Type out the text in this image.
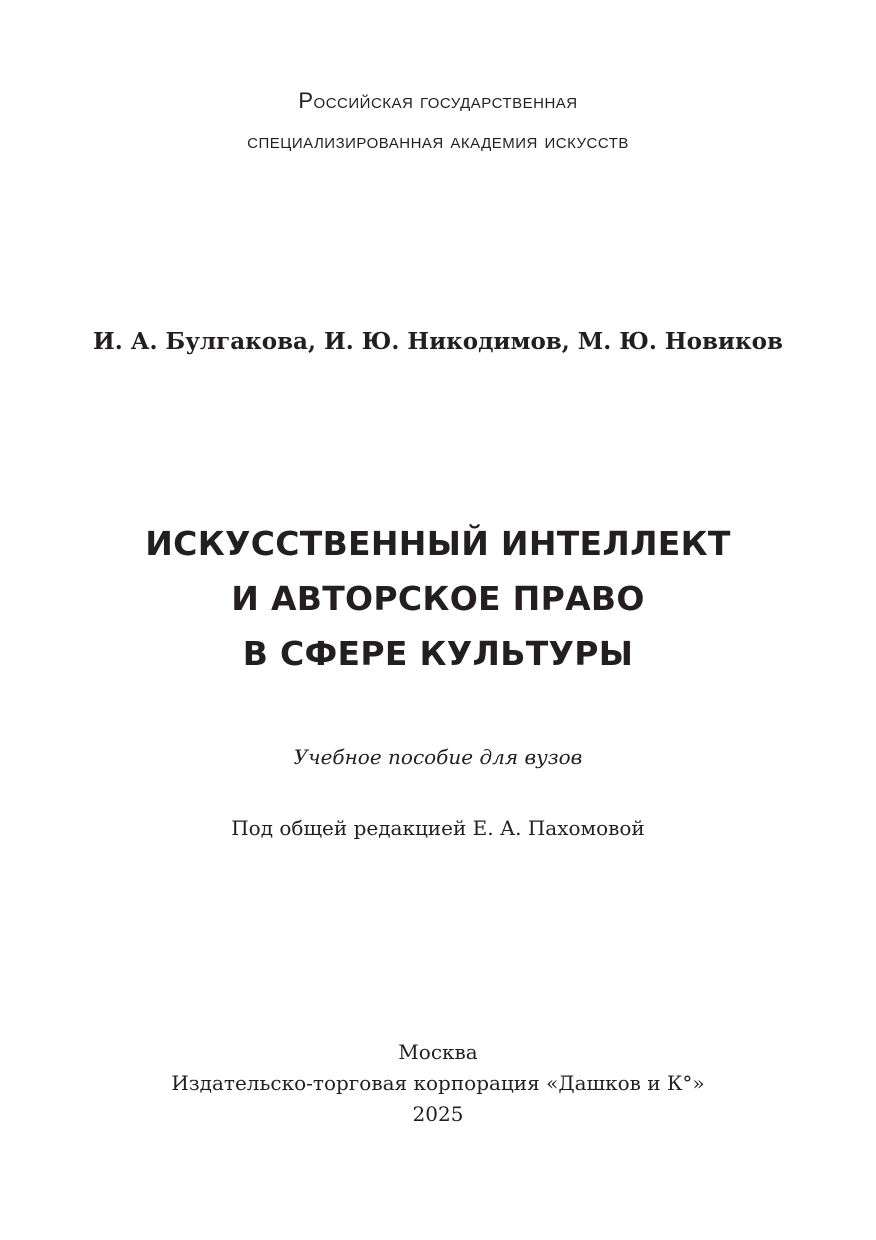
Российская государственная
специализированная академия искусств
И. А. Булгакова, И. Ю. Никодимов, М. Ю. Новиков
ИСКУССТВЕННЫЙ ИНТЕЛЛЕКТ
И АВТОРСКОЕ ПРАВО
В СФЕРЕ КУЛЬТУРЫ
Учебное пособие для вузов
Под общей редакцией Е. А. Пахомовой
Москва
Издательско-торговая корпорация «Дашков и К°»
2025
